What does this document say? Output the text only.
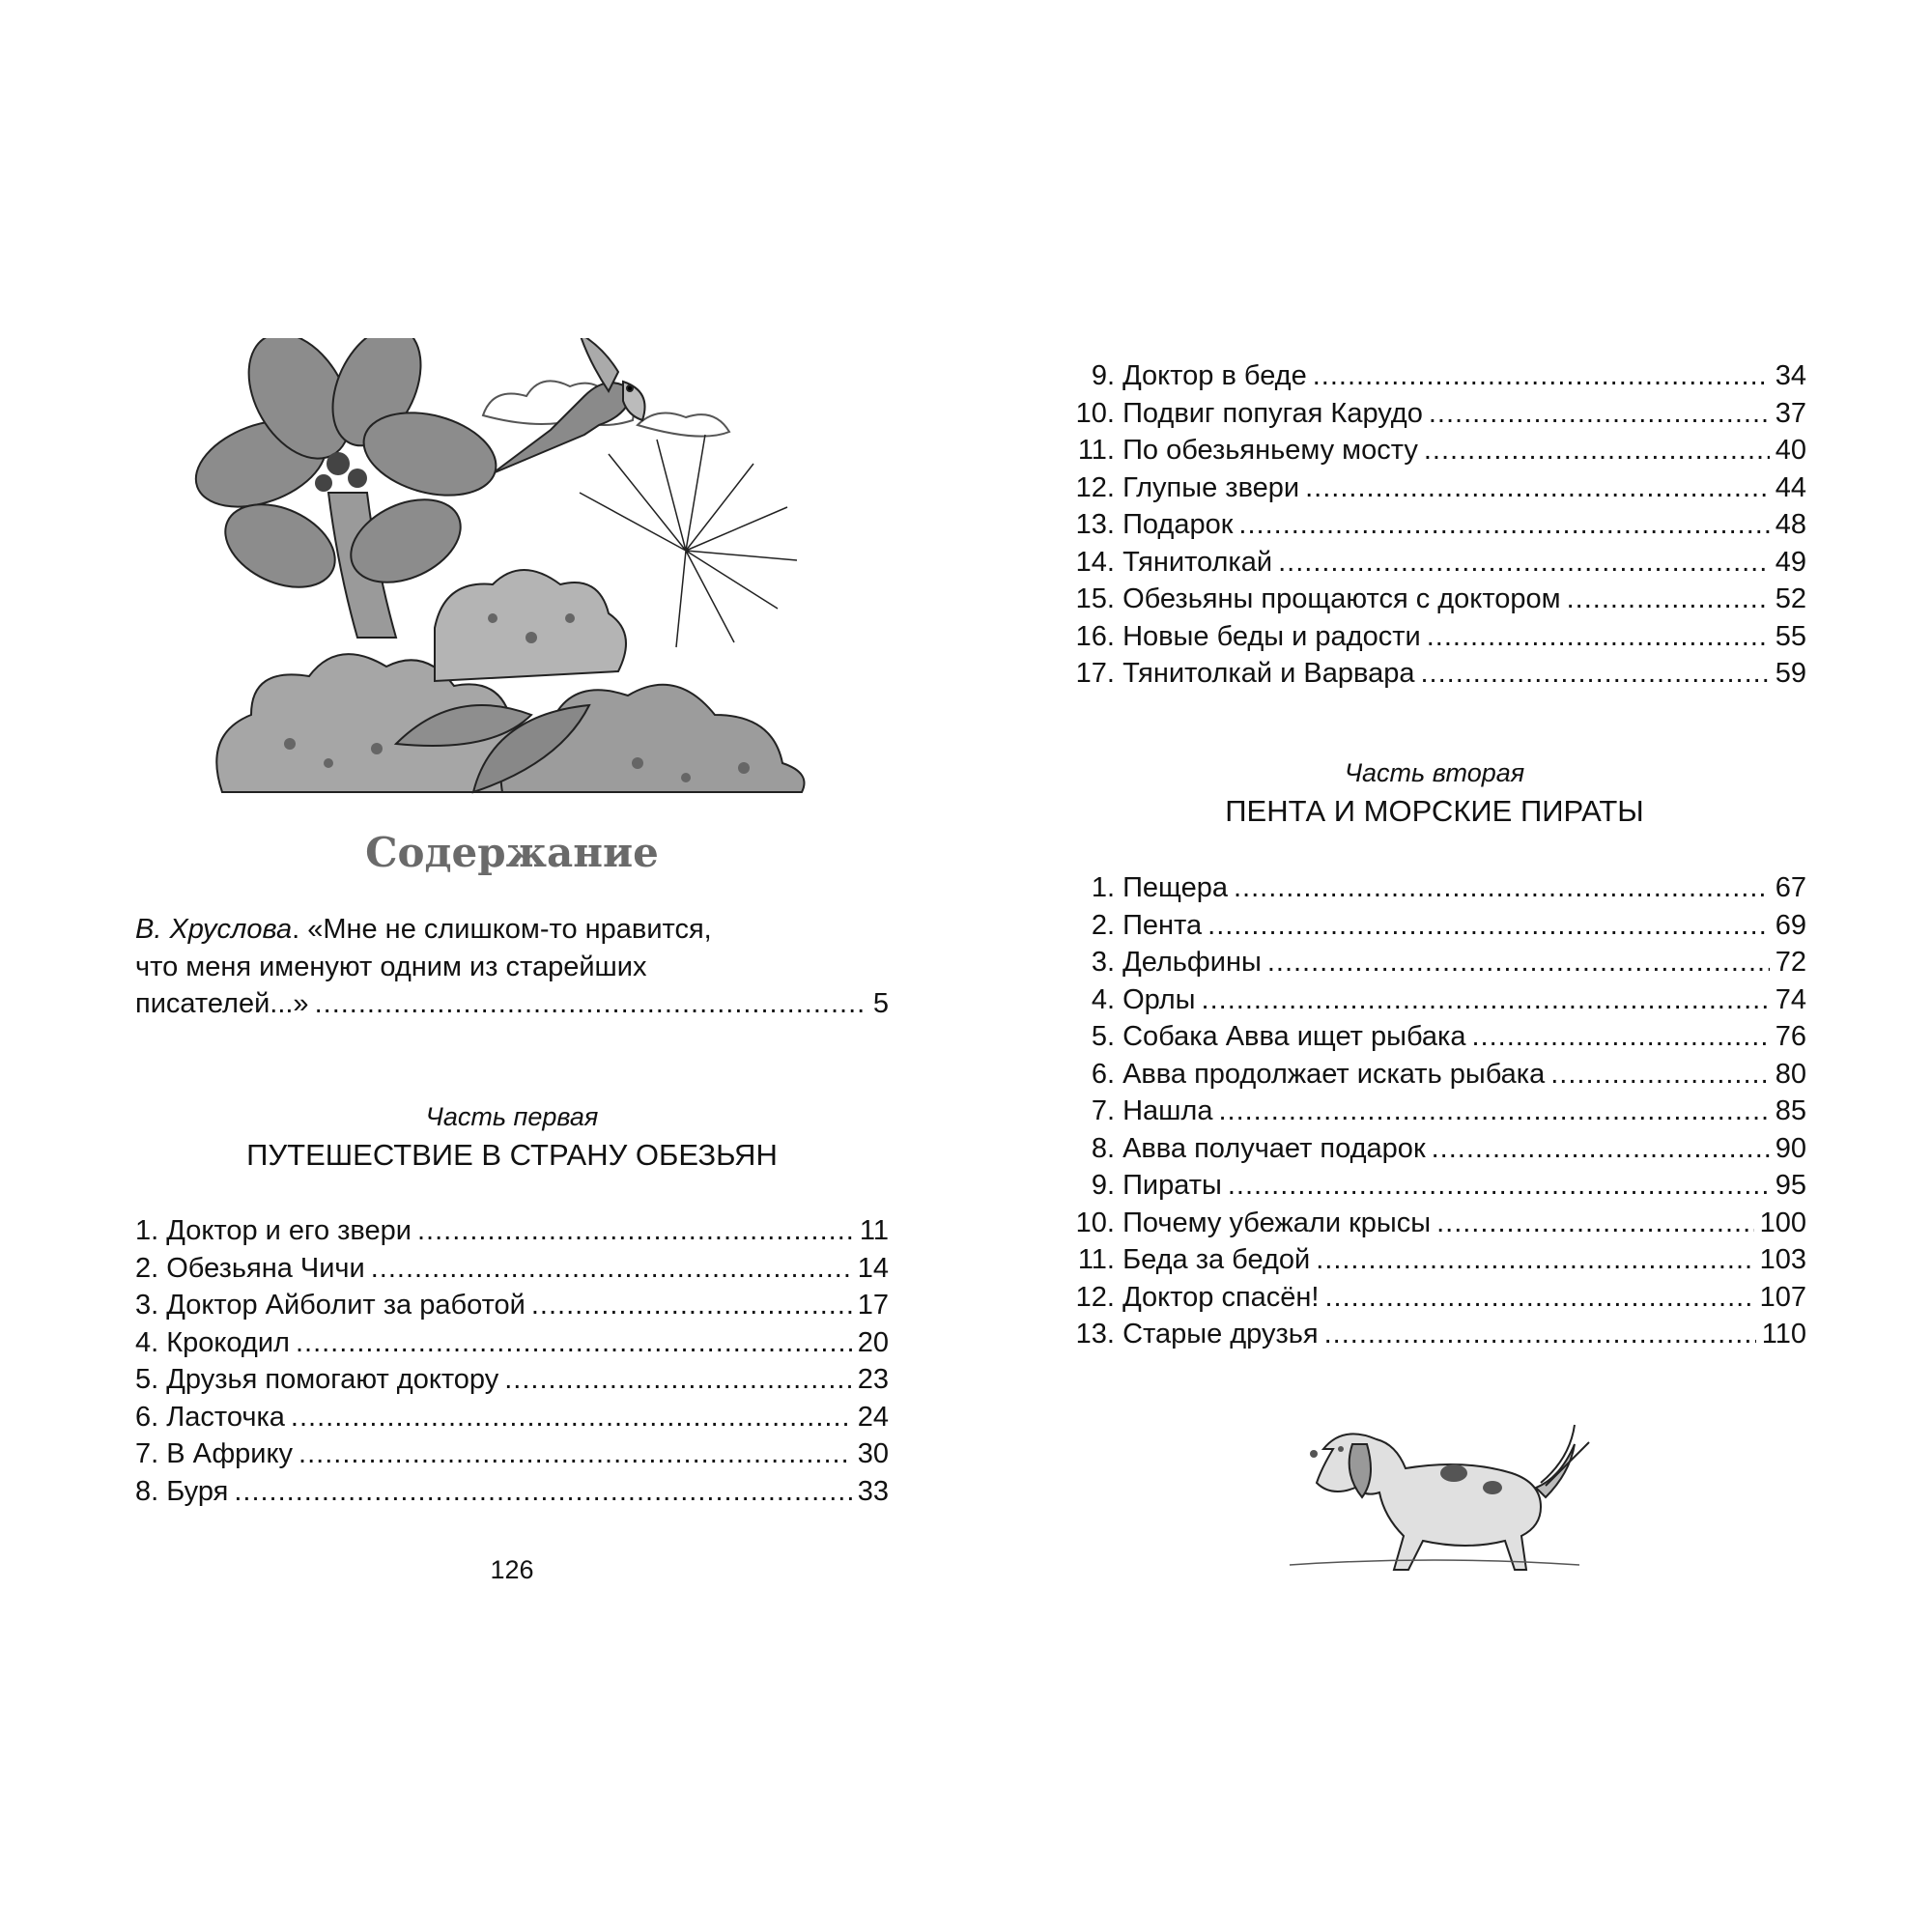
Содержание
В. Хруслова. «Мне не слишком-то нравится,
что меня именуют одним из старейших
писателей...» .....	5
Часть первая
ПУТЕШЕСТВИЕ В СТРАНУ ОБЕЗЬЯН
1. Доктор и его звери .....	11
2. Обезьяна Чичи .....	14
3. Доктор Айболит за работой .....	17
4. Крокодил .....	20
5. Друзья помогают доктору .....	23
6. Ласточка .....	24
7. В Африку .....	30
8. Буря .....	33
126
9. Доктор в беде .....	34
10. Подвиг попугая Карудо .....	37
11. По обезьяньему мосту .....	40
12. Глупые звери .....	44
13. Подарок .....	48
14. Тянитолкай .....	49
15. Обезьяны прощаются с доктором .....	52
16. Новые беды и радости .....	55
17. Тянитолкай и Варвара .....	59
Часть вторая
ПЕНТА И МОРСКИЕ ПИРАТЫ
1. Пещера .....	67
2. Пента .....	69
3. Дельфины .....	72
4. Орлы .....	74
5. Собака Авва ищет рыбака .....	76
6. Авва продолжает искать рыбака .....	80
7. Нашла .....	85
8. Авва получает подарок .....	90
9. Пираты .....	95
10. Почему убежали крысы .....	100
11. Беда за бедой .....	103
12. Доктор спасён! .....	107
13. Старые друзья .....	110
